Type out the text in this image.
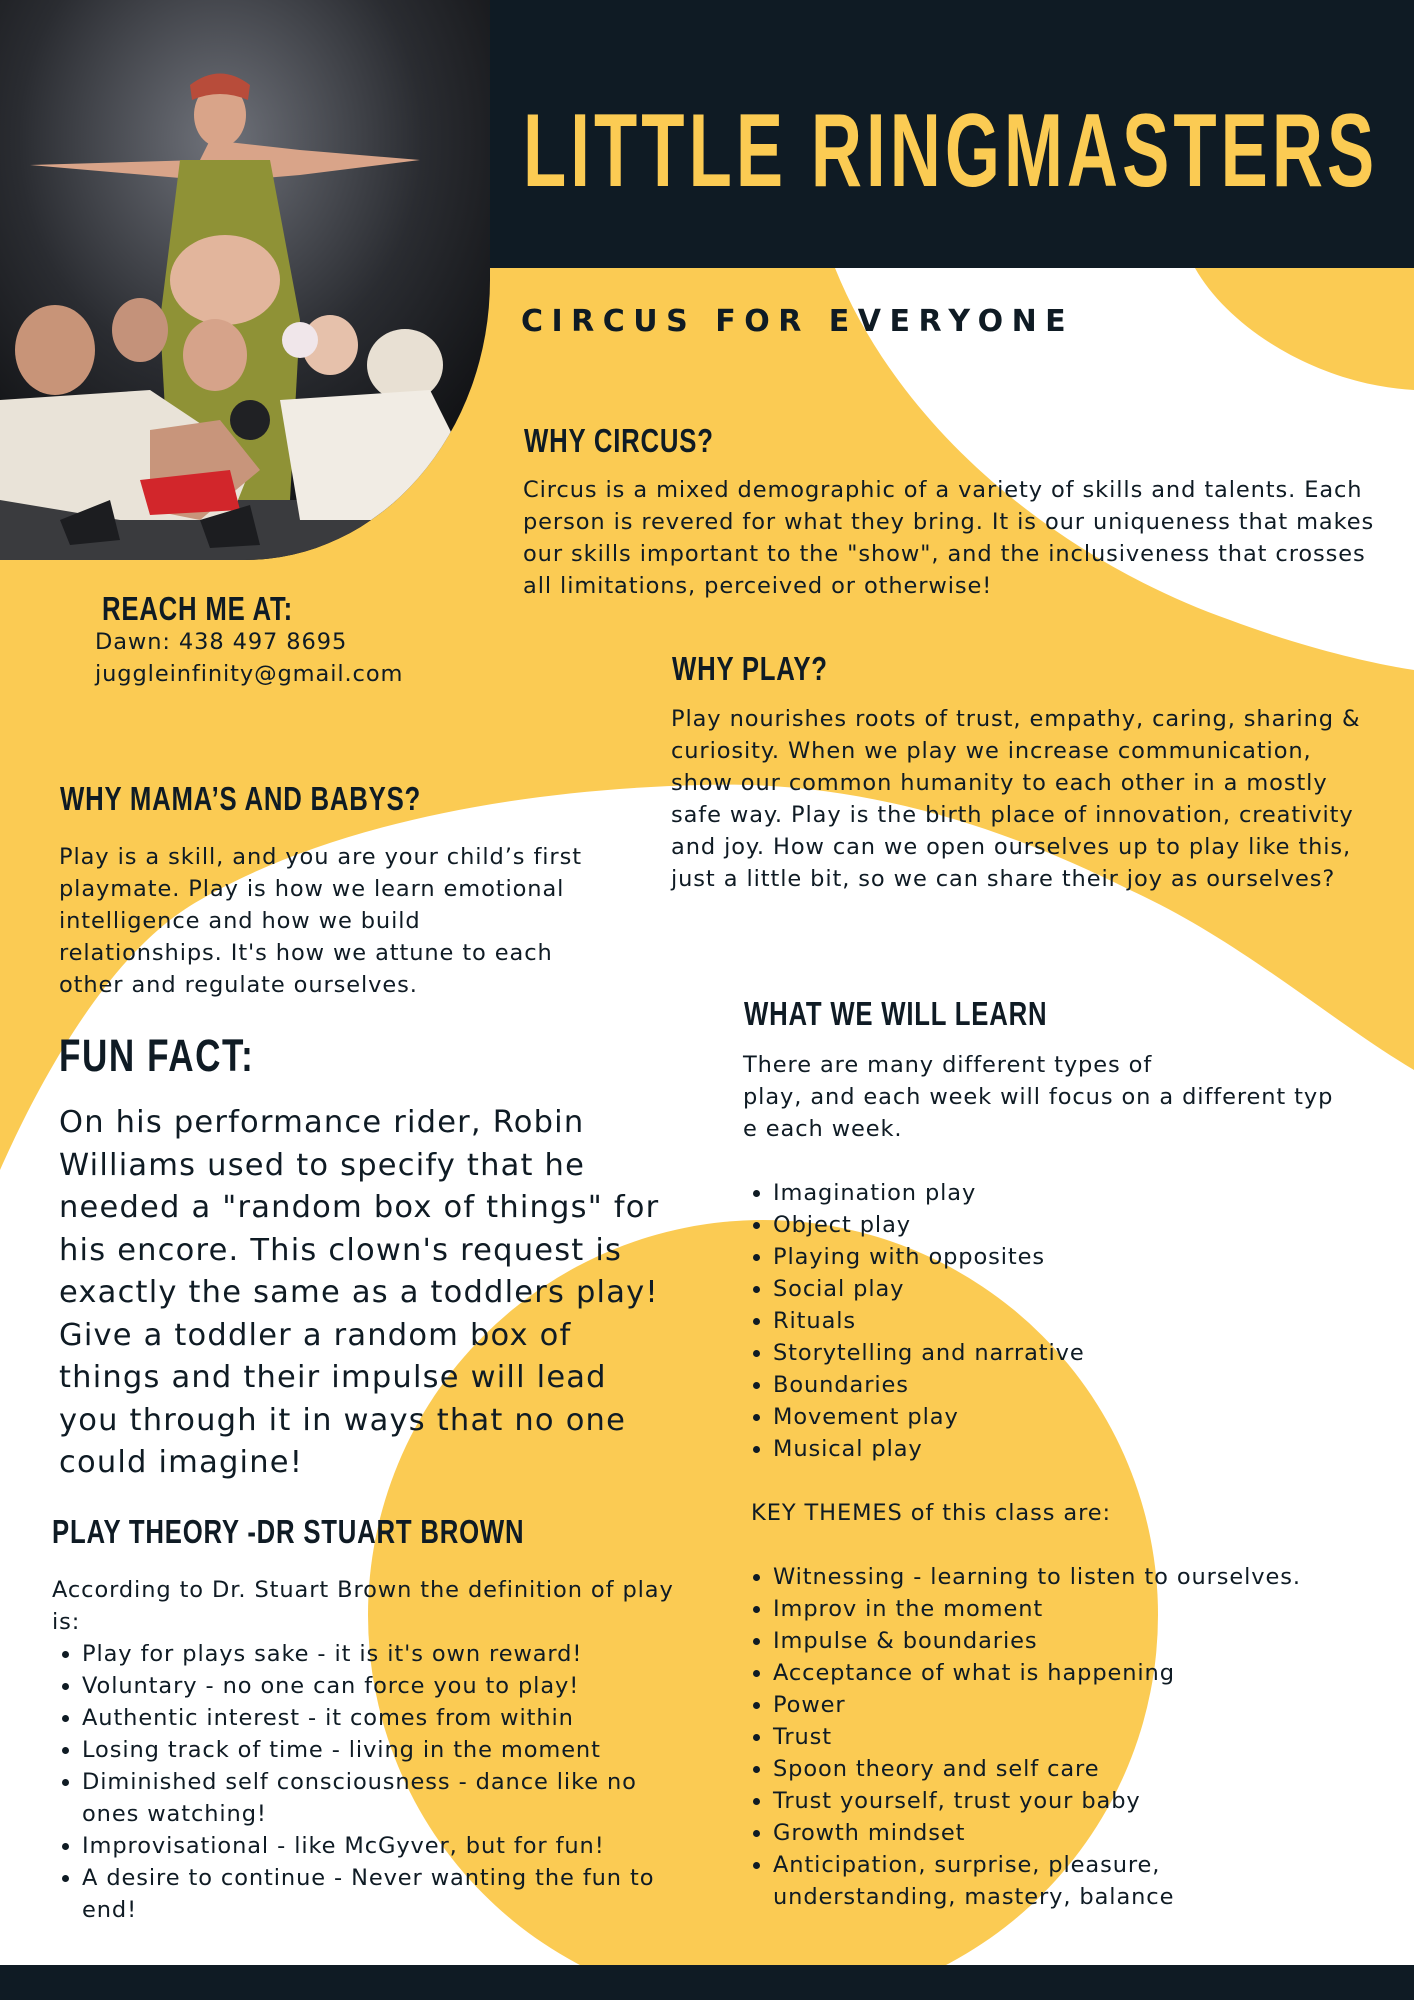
LITTLE RINGMASTERS
CIRCUS FOR EVERYONE
REACH ME AT:
Dawn: 438 497 8695
juggleinfinity@gmail.com
WHY CIRCUS?

Circus is a mixed demographic of a variety of skills and talents. Each

person is revered for what they bring. It is our uniqueness that makes

our skills important to the "show", and the inclusiveness that crosses

all limitations, perceived or otherwise!

WHY PLAY?

Play nourishes roots of trust, empathy, caring, sharing &

curiosity. When we play we increase communication,

show our common humanity to each other in a mostly

safe way. Play is the birth place of innovation, creativity

and joy. How can we open ourselves up to play like this,

just a little bit, so we can share their joy as ourselves?

WHY MAMA’S AND BABYS?

Play is a skill, and you are your child’s first

playmate. Play is how we learn emotional

intelligence and how we build

relationships. It's how we attune to each

other and regulate ourselves.

FUN FACT:

On his performance rider, Robin

Williams used to specify that he

needed a "random box of things" for

his encore. This clown's request is

exactly the same as a toddlers play!

Give a toddler a random box of

things and their impulse will lead

you through it in ways that no one

could imagine!

WHAT WE WILL LEARN

There are many different types of

play, and each week will focus on a different typ

e each week.

• Imagination play
• Object play
• Playing with opposites
• Social play
• Rituals
• Storytelling and narrative
• Boundaries
• Movement play
• Musical play

KEY THEMES of this class are:

• Witnessing - learning to listen to ourselves.
• Improv in the moment
• Impulse & boundaries
• Acceptance of what is happening
• Power
• Trust
• Spoon theory and self care
• Trust yourself, trust your baby
• Growth mindset
• Anticipation, surprise, pleasure,
understanding, mastery, balance
PLAY THEORY -DR STUART BROWN

According to Dr. Stuart Brown the definition of play

is:

• Play for plays sake - it is it's own reward!
• Voluntary - no one can force you to play!
• Authentic interest - it comes from within
• Losing track of time - living in the moment
• Diminished self consciousness - dance like no
ones watching!
• Improvisational - like McGyver, but for fun!
• A desire to continue - Never wanting the fun to
end!
